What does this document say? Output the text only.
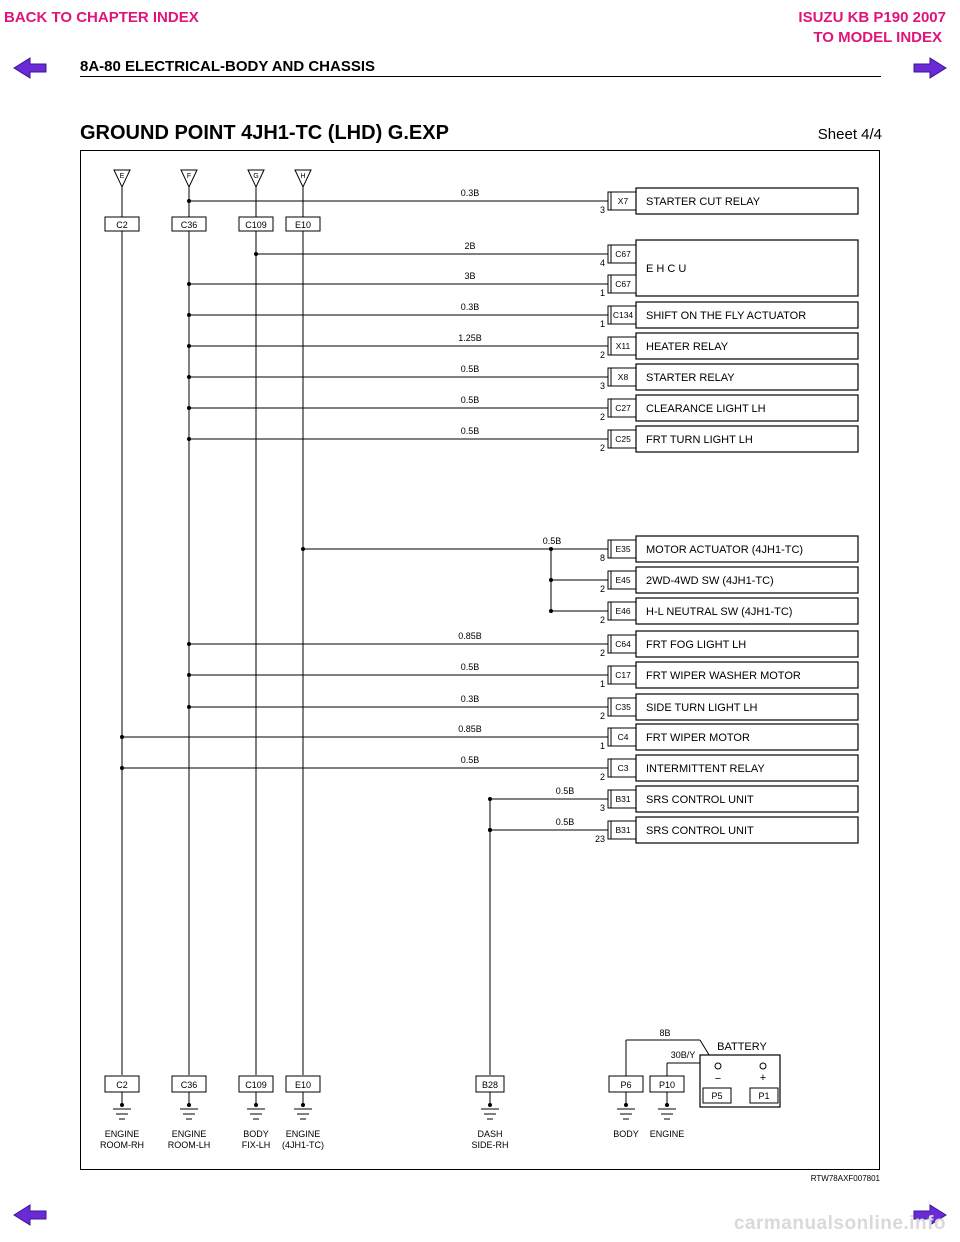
BACK TO CHAPTER INDEX	ISUZU KB P190 2007
TO MODEL INDEX
8A-80 ELECTRICAL-BODY AND CHASSIS
GROUND POINT 4JH1-TC (LHD) G.EXP	Sheet 4/4
E	F	G	H
C2	C36	C109	E10
0.3B
3
X7 STARTER CUT RELAY
2B
4
C67
E H C U
3B
1
C67
0.3B
1
C134 SHIFT ON THE FLY ACTUATOR
1.25B
2
X11 HEATER RELAY
0.5B
3
X8 STARTER RELAY
0.5B
2
C27 CLEARANCE LIGHT LH
0.5B
2
C25 FRT TURN LIGHT LH
0.5B
8
E35 MOTOR ACTUATOR (4JH1-TC)
2
E45 2WD-4WD SW (4JH1-TC)
2
E46 H-L NEUTRAL SW (4JH1-TC)
0.85B
2
C64 FRT FOG LIGHT LH
0.5B
1
C17 FRT WIPER WASHER MOTOR
0.3B
2
C35 SIDE TURN LIGHT LH
0.85B
1
C4 FRT WIPER MOTOR
0.5B
2
C3 INTERMITTENT RELAY
0.5B
3
B31 SRS CONTROL UNIT
0.5B
23
B31 SRS CONTROL UNIT
C2
ENGINE
ROOM-RH
C36
ENGINE
ROOM-LH
C109
BODY
FIX-LH
E10
ENGINE
(4JH1-TC)
B28
DASH
SIDE-RH
P6
BODY
P10
ENGINE
8B
30B/Y
BATTERY
−	+
P5	P1
RTW78AXF007801
carmanualsonline.info
